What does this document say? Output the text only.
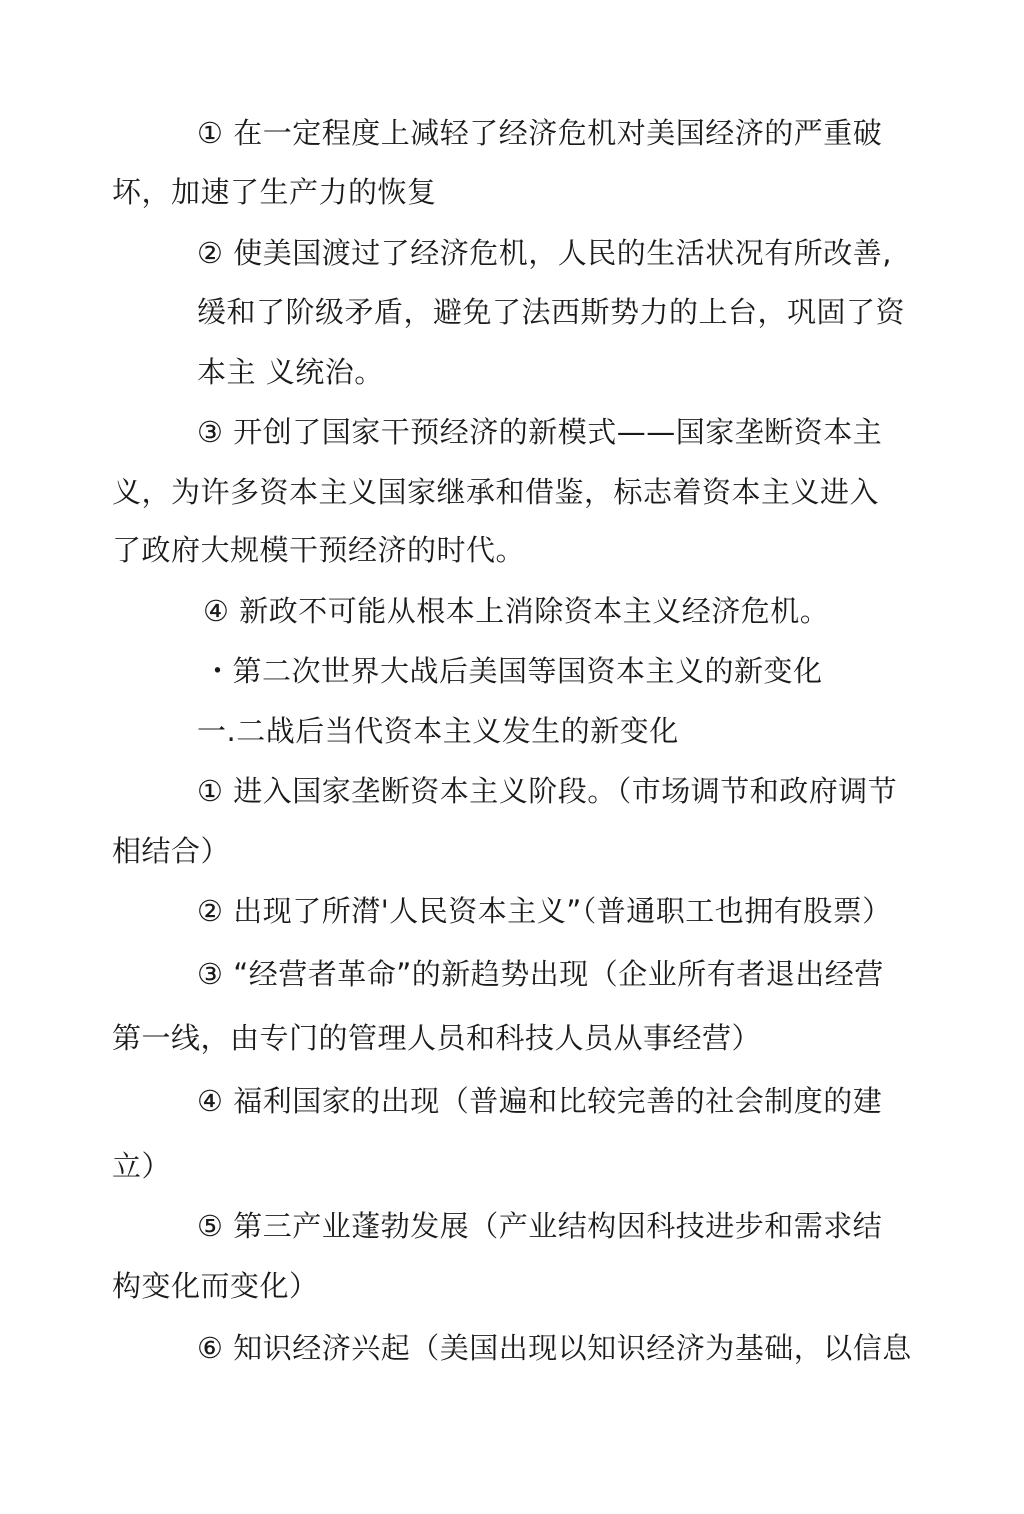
① 在一定程度上减轻了经济危机对美国经济的严重破
坏，加速了生产力的恢复
② 使美国渡过了经济危机，人民的生活状况有所改善,
缓和了阶级矛盾，避免了法西斯势力的上台，巩固了资
本主 义统治。
③ 开创了国家干预经济的新模式——国家垄断资本主
义，为许多资本主义国家继承和借鉴，标志着资本主义进入
了政府大规模干预经济的时代。
④ 新政不可能从根本上消除资本主义经济危机。
・第二次世界大战后美国等国资本主义的新变化
一.二战后当代资本主义发生的新变化
① 进入国家垄断资本主义阶段。（市场调节和政府调节
相结合）
② 出现了所潸'人民资本主义”（普通职工也拥有股票）
③ “经营者革命”的新趋势出现（企业所有者退出经营
第一线，由专门的管理人员和科技人员从事经营）
④ 福利国家的出现（普遍和比较完善的社会制度的建
立）
⑤ 第三产业蓬勃发展（产业结构因科技进步和需求结
构变化而变化）
⑥ 知识经济兴起（美国出现以知识经济为基础，以信息
